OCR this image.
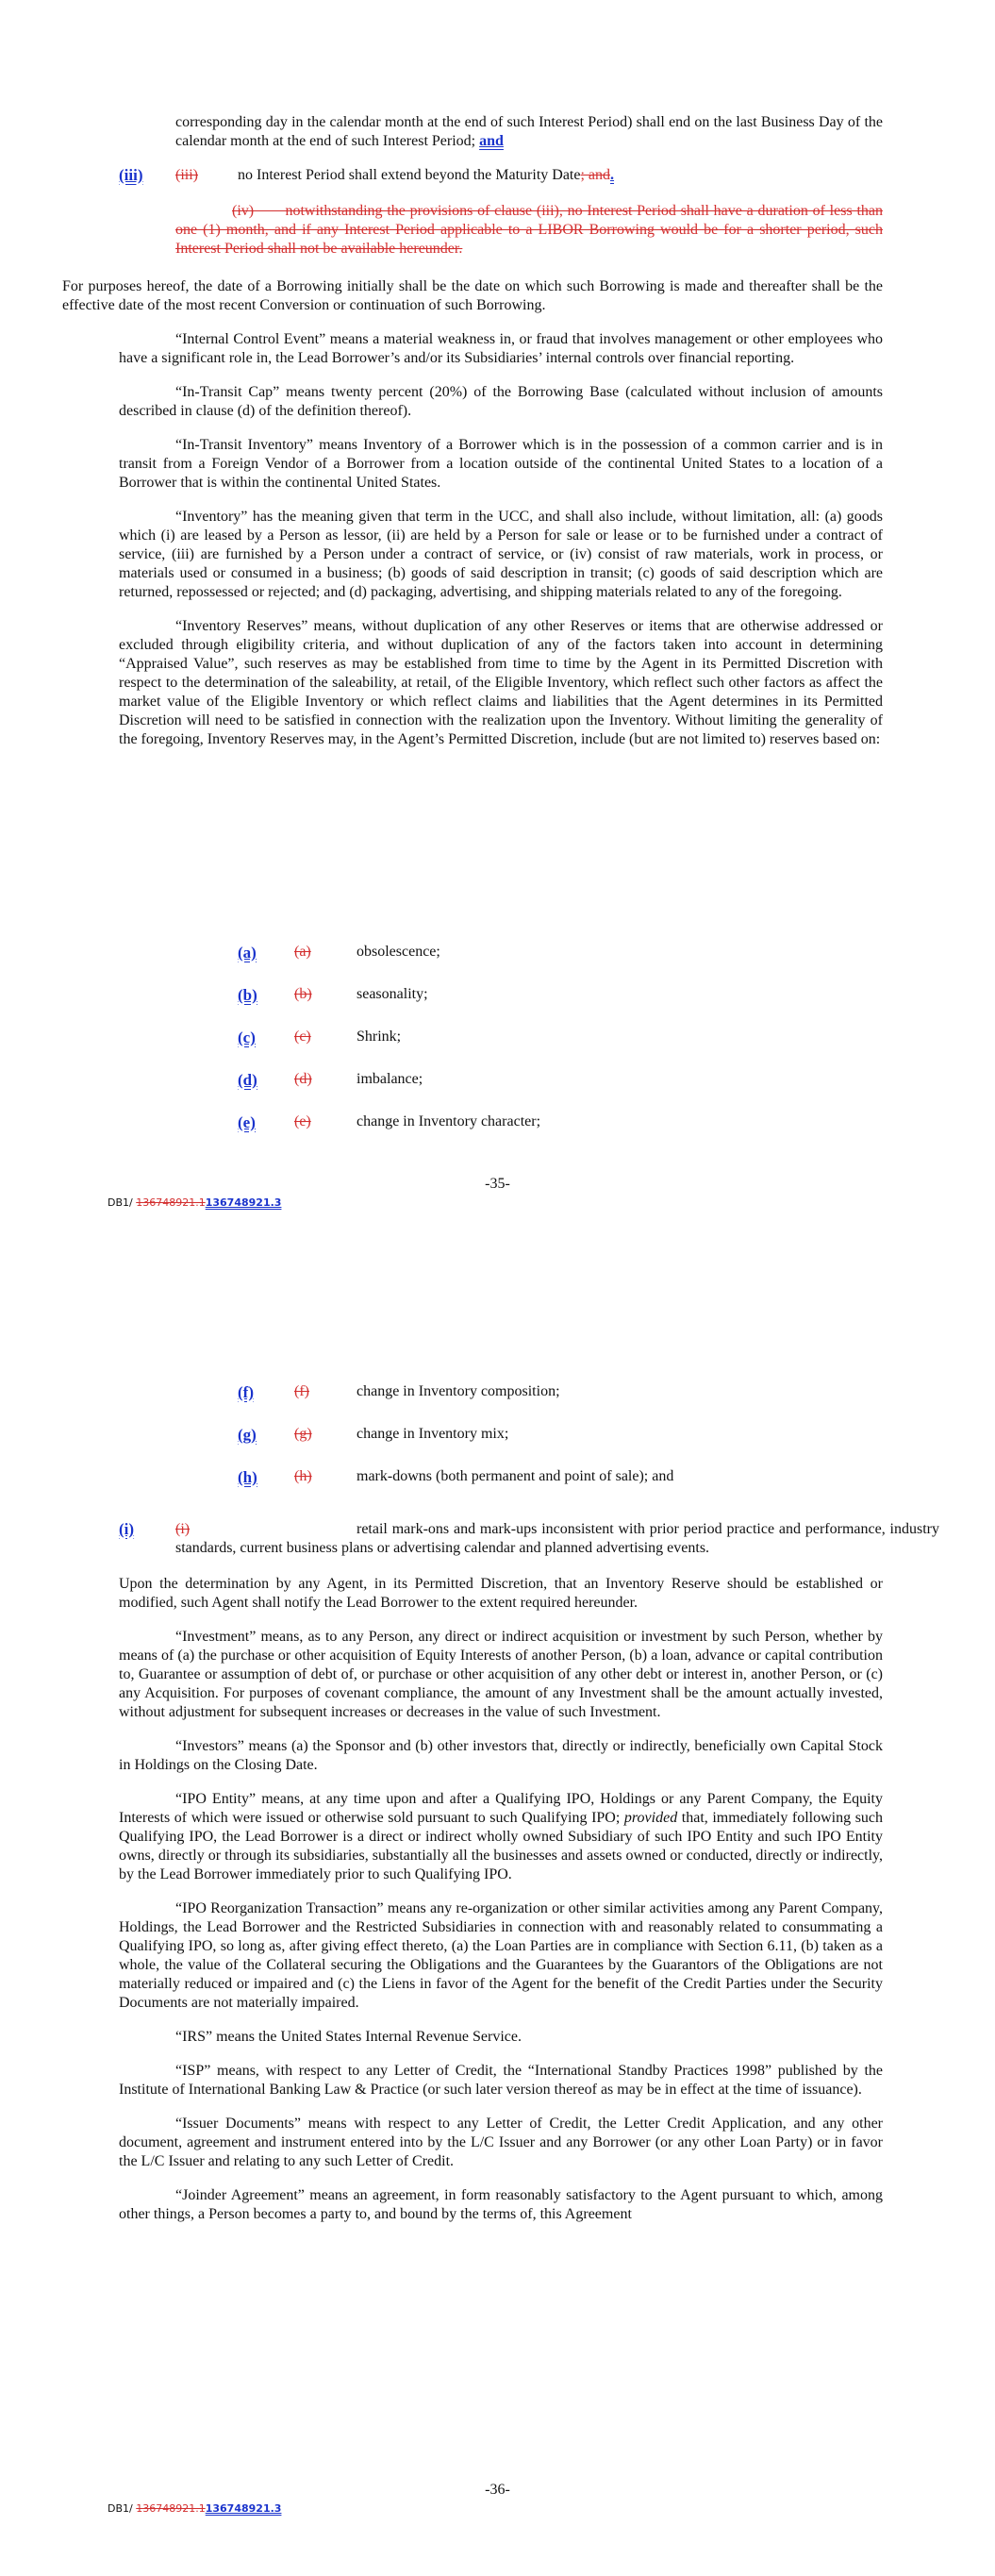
corresponding day in the calendar month at the end of such Interest Period) shall end on the last Business Day of the calendar month at the end of such Interest Period; and

(iii) (iii)	no Interest Period shall extend beyond the Maturity Date; and.

(iv)       notwithstanding the provisions of clause (iii), no Interest Period shall have a duration of less than one (1) month, and if any Interest Period applicable to a LIBOR Borrowing would be for a shorter period, such Interest Period shall not be available hereunder.

For purposes hereof, the date of a Borrowing initially shall be the date on which such Borrowing is made and thereafter shall be the effective date of the most recent Conversion or continuation of such Borrowing.

“Internal Control Event” means a material weakness in, or fraud that involves management or other employees who have a significant role in, the Lead Borrower’s and/or its Subsidiaries’ internal controls over financial reporting.

“In-Transit Cap” means twenty percent (20%) of the Borrowing Base (calculated without inclusion of amounts described in clause (d) of the definition thereof).

“In-Transit Inventory” means Inventory of a Borrower which is in the possession of a common carrier and is in transit from a Foreign Vendor of a Borrower from a location outside of the continental United States to a location of a Borrower that is within the continental United States.

“Inventory” has the meaning given that term in the UCC, and shall also include, without limitation, all: (a) goods which (i) are leased by a Person as lessor, (ii) are held by a Person for sale or lease or to be furnished under a contract of service, (iii) are furnished by a Person under a contract of service, or (iv) consist of raw materials, work in process, or materials used or consumed in a business; (b) goods of said description in transit; (c) goods of said description which are returned, repossessed or rejected; and (d) packaging, advertising, and shipping materials related to any of the foregoing.

“Inventory Reserves” means, without duplication of any other Reserves or items that are otherwise addressed or excluded through eligibility criteria, and without duplication of any of the factors taken into account in determining “Appraised Value”, such reserves as may be established from time to time by the Agent in its Permitted Discretion with respect to the determination of the saleability, at retail, of the Eligible Inventory, which reflect such other factors as affect the market value of the Eligible Inventory or which reflect claims and liabilities that the Agent determines in its Permitted Discretion will need to be satisfied in connection with the realization upon the Inventory. Without limiting the generality of the foregoing, Inventory Reserves may, in the Agent’s Permitted Discretion, include (but are not limited to) reserves based on:

(a)	(a)	obsolescence;
(b) (b)	seasonality;
(c)	(c)	Shrink;
(d) (d)	imbalance;
(e)	(e)	change in Inventory character;
-35-
DB1/ 136748921.1136748921.3
(f)	(f)	change in Inventory composition;
(g)	(g)	change in Inventory mix;
(h) (h)	mark-downs (both permanent and point of sale); and
(i)	(i)	retail mark-ons and mark-ups inconsistent with prior period practice and performance, industry standards, current business plans or advertising calendar and planned advertising events.

Upon the determination by any Agent, in its Permitted Discretion, that an Inventory Reserve should be established or modified, such Agent shall notify the Lead Borrower to the extent required hereunder.

“Investment” means, as to any Person, any direct or indirect acquisition or investment by such Person, whether by means of (a) the purchase or other acquisition of Equity Interests of another Person, (b) a loan, advance or capital contribution to, Guarantee or assumption of debt of, or purchase or other acquisition of any other debt or interest in, another Person, or (c) any Acquisition. For purposes of covenant compliance, the amount of any Investment shall be the amount actually invested, without adjustment for subsequent increases or decreases in the value of such Investment.

“Investors” means (a) the Sponsor and (b) other investors that, directly or indirectly, beneficially own Capital Stock in Holdings on the Closing Date.

“IPO Entity” means, at any time upon and after a Qualifying IPO, Holdings or any Parent Company, the Equity Interests of which were issued or otherwise sold pursuant to such Qualifying IPO; provided that, immediately following such Qualifying IPO, the Lead Borrower is a direct or indirect wholly owned Subsidiary of such IPO Entity and such IPO Entity owns, directly or through its subsidiaries, substantially all the businesses and assets owned or conducted, directly or indirectly, by the Lead Borrower immediately prior to such Qualifying IPO.

“IPO Reorganization Transaction” means any re-organization or other similar activities among any Parent Company, Holdings, the Lead Borrower and the Restricted Subsidiaries in connection with and reasonably related to consummating a Qualifying IPO, so long as, after giving effect thereto, (a) the Loan Parties are in compliance with Section 6.11, (b) taken as a whole, the value of the Collateral securing the Obligations and the Guarantees by the Guarantors of the Obligations are not materially reduced or impaired and (c) the Liens in favor of the Agent for the benefit of the Credit Parties under the Security Documents are not materially impaired.

“IRS” means the United States Internal Revenue Service.

“ISP” means, with respect to any Letter of Credit, the “International Standby Practices 1998” published by the Institute of International Banking Law & Practice (or such later version thereof as may be in effect at the time of issuance).

“Issuer Documents” means with respect to any Letter of Credit, the Letter Credit Application, and any other document, agreement and instrument entered into by the L/C Issuer and any Borrower (or any other Loan Party) or in favor the L/C Issuer and relating to any such Letter of Credit.

“Joinder Agreement” means an agreement, in form reasonably satisfactory to the Agent pursuant to which, among other things, a Person becomes a party to, and bound by the terms of, this Agreement

-36-
DB1/ 136748921.1136748921.3
